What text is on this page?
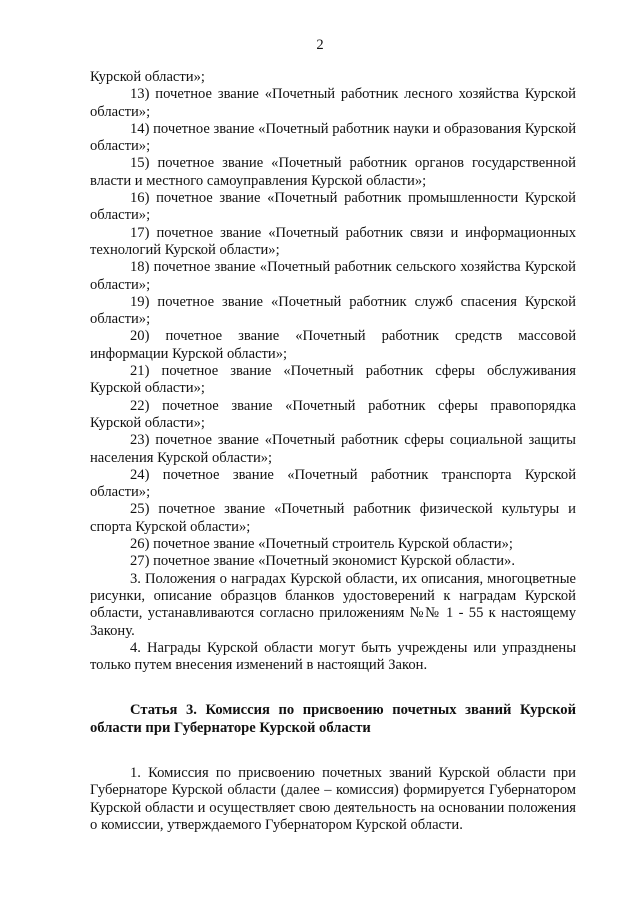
2

Курской области»;

13) почетное звание «Почетный работник лесного хозяйства Курской области»;

14) почетное звание «Почетный работник науки и образования Курской области»;

15) почетное звание «Почетный работник органов государственной власти и местного самоуправления Курской области»;

16) почетное звание «Почетный работник промышленности Курской области»;

17) почетное звание «Почетный работник связи и информационных технологий Курской области»;

18) почетное звание «Почетный работник сельского хозяйства Курской области»;

19) почетное звание «Почетный работник служб спасения Курской области»;

20) почетное звание «Почетный работник средств массовой информации Курской области»;

21) почетное звание «Почетный работник сферы обслуживания Курской области»;

22) почетное звание «Почетный работник сферы правопорядка Курской области»;

23) почетное звание «Почетный работник сферы социальной защиты населения Курской области»;

24) почетное звание «Почетный работник транспорта Курской области»;

25) почетное звание «Почетный работник физической культуры и спорта Курской области»;

26) почетное звание «Почетный строитель Курской области»;

27) почетное звание «Почетный экономист Курской области».

3. Положения о наградах Курской области, их описания, многоцветные рисунки, описание образцов бланков удостоверений к наградам Курской области, устанавливаются согласно приложениям №№ 1 - 55 к настоящему Закону.

4. Награды Курской области могут быть учреждены или упразднены только путем внесения изменений в настоящий Закон.

Статья 3. Комиссия по присвоению почетных званий Курской области при Губернаторе Курской области

1. Комиссия по присвоению почетных званий Курской области при Губернаторе Курской области (далее – комиссия) формируется Губернатором Курской области и осуществляет свою деятельность на основании положения о комиссии, утверждаемого Губернатором Курской области.
